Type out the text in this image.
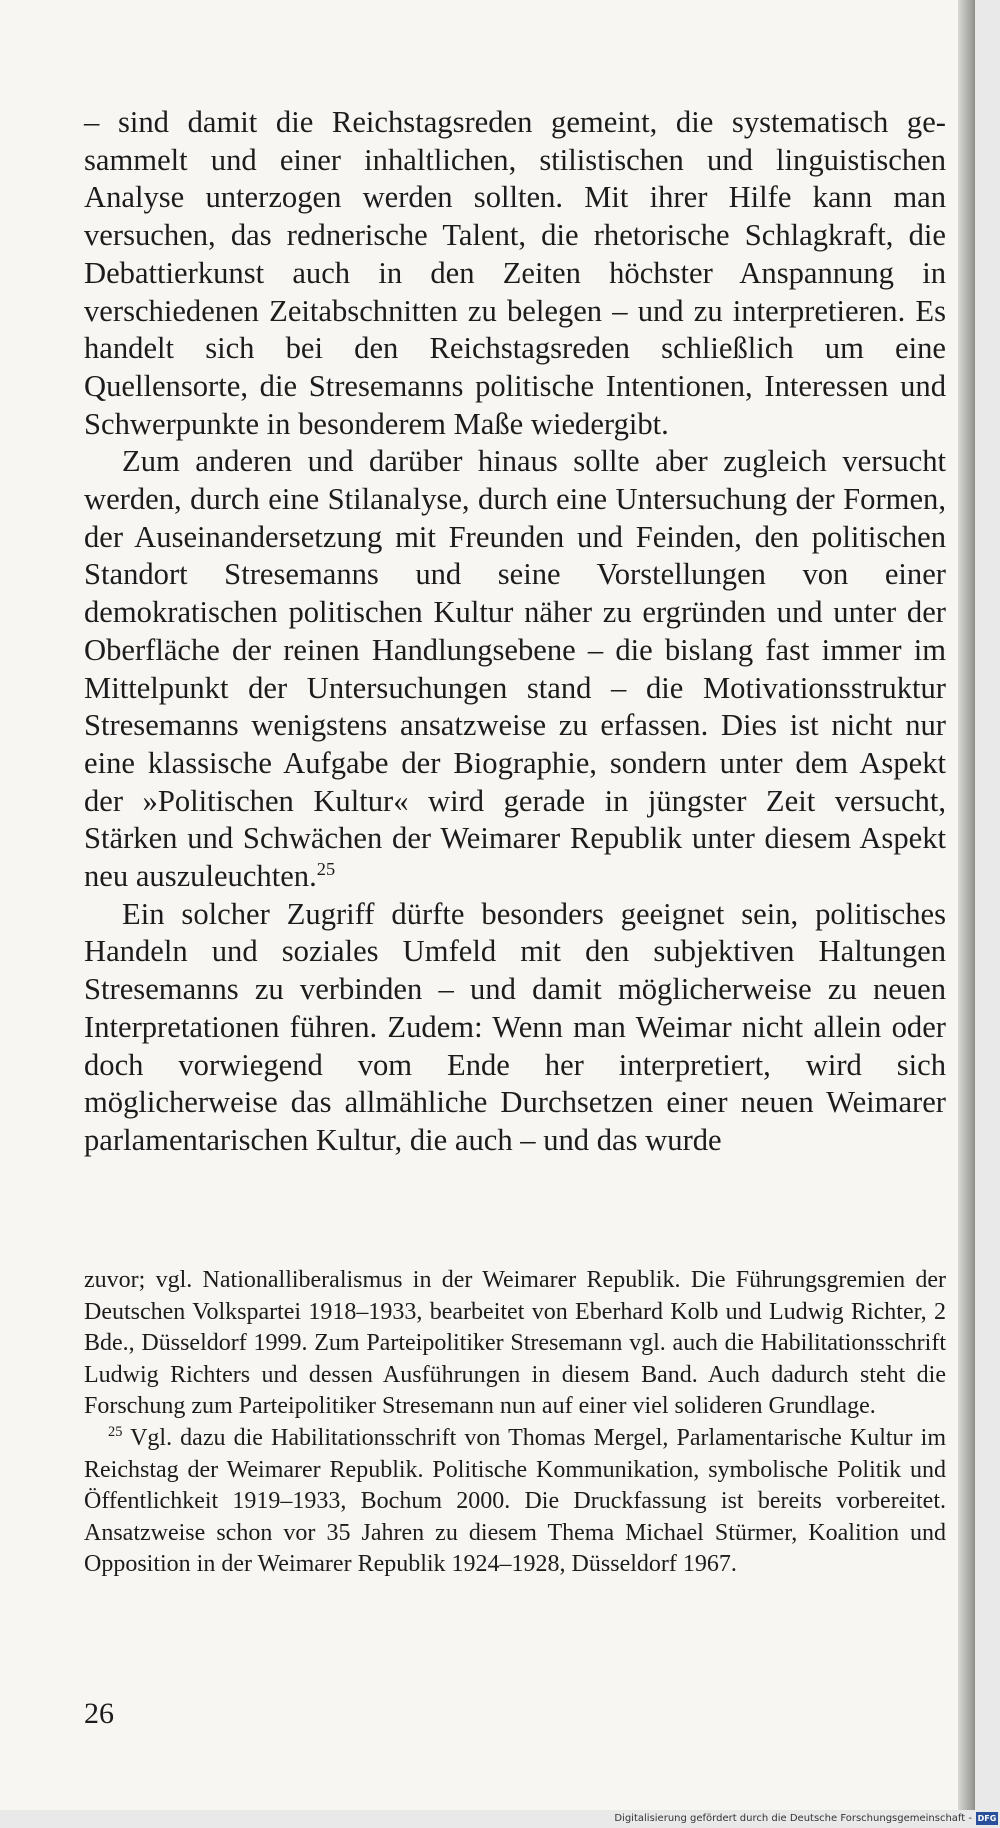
– sind damit die Reichstagsreden gemeint, die systematisch gesammelt und einer inhaltlichen, stilistischen und linguistischen Analyse unterzogen werden sollten. Mit ihrer Hilfe kann man versuchen, das rednerische Talent, die rhetorische Schlagkraft, die Debattierkunst auch in den Zeiten höchster Anspannung in verschiedenen Zeitabschnitten zu belegen – und zu interpretieren. Es handelt sich bei den Reichstagsreden schließlich um eine Quellensorte, die Stresemanns politische Intentionen, Interessen und Schwerpunkte in besonderem Maße wiedergibt.

Zum anderen und darüber hinaus sollte aber zugleich versucht werden, durch eine Stilanalyse, durch eine Untersuchung der Formen, der Auseinandersetzung mit Freunden und Feinden, den politischen Standort Stresemanns und seine Vorstellungen von einer demokratischen politischen Kultur näher zu ergründen und unter der Oberfläche der reinen Handlungsebene – die bislang fast immer im Mittelpunkt der Untersuchungen stand – die Motivationsstruktur Stresemanns wenigstens ansatzweise zu erfassen. Dies ist nicht nur eine klassische Aufgabe der Biographie, sondern unter dem Aspekt der »Politischen Kultur« wird gerade in jüngster Zeit versucht, Stärken und Schwächen der Weimarer Republik unter diesem Aspekt neu auszuleuchten.$^{25}$

Ein solcher Zugriff dürfte besonders geeignet sein, politisches Handeln und soziales Umfeld mit den subjektiven Haltungen Stresemanns zu verbinden – und damit möglicherweise zu neuen Interpretationen führen. Zudem: Wenn man Weimar nicht allein oder doch vorwiegend vom Ende her interpretiert, wird sich möglicherweise das allmähliche Durchsetzen einer neuen Weimarer parlamentarischen Kultur, die auch – und das wurde

zuvor; vgl. Nationalliberalismus in der Weimarer Republik. Die Führungsgremien der Deutschen Volkspartei 1918–1933, bearbeitet von Eberhard Kolb und Ludwig Richter, 2 Bde., Düsseldorf 1999. Zum Parteipolitiker Stresemann vgl. auch die Habilitationsschrift Ludwig Richters und dessen Ausführungen in diesem Band. Auch dadurch steht die Forschung zum Parteipolitiker Stresemann nun auf einer viel solideren Grundlage.

$^{25}$ Vgl. dazu die Habilitationsschrift von Thomas Mergel, Parlamentarische Kultur im Reichstag der Weimarer Republik. Politische Kommunikation, symbolische Politik und Öffentlichkeit 1919–1933, Bochum 2000. Die Druckfassung ist bereits vorbereitet. Ansatzweise schon vor 35 Jahren zu diesem Thema Michael Stürmer, Koalition und Opposition in der Weimarer Republik 1924–1928, Düsseldorf 1967.

26
Digitalisierung gefördert durch die Deutsche Forschungsgemeinschaft - DFG
